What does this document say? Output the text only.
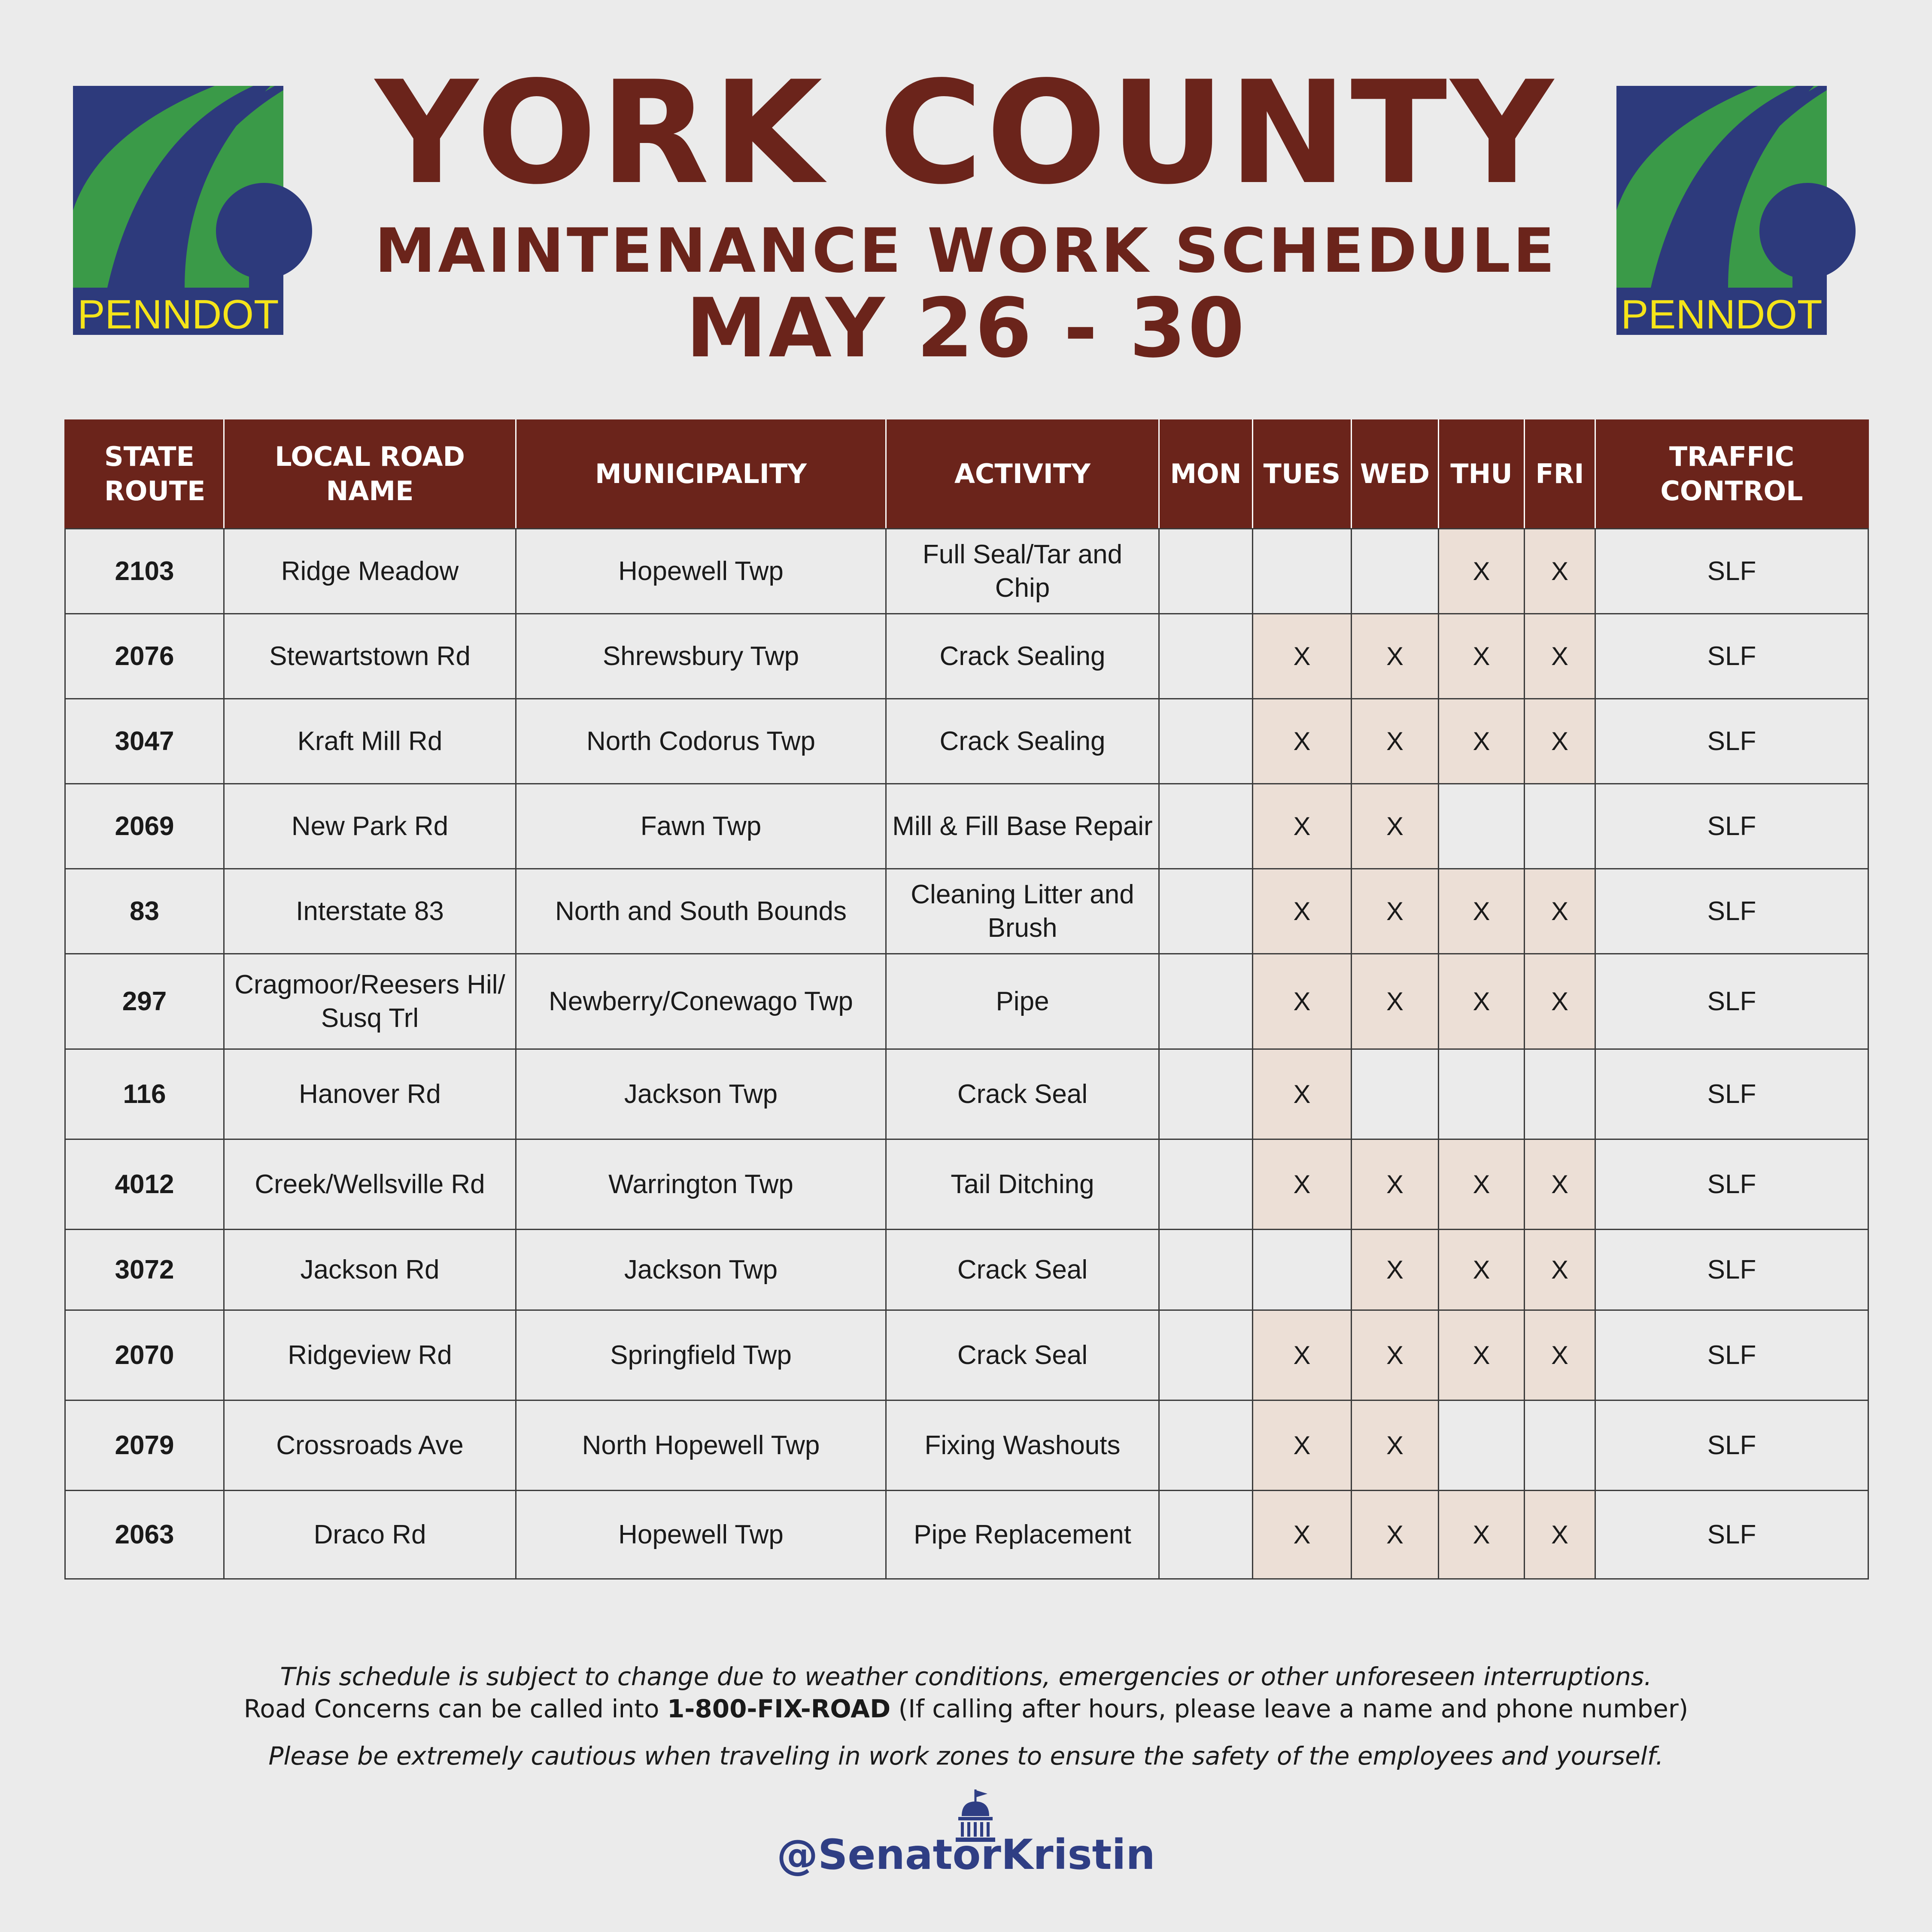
PENNDOT	PENNDOT
YORK COUNTY
MAINTENANCE WORK SCHEDULE
MAY 26 - 30
STATE ROUTE	LOCAL ROAD NAME	MUNICIPALITY	ACTIVITY	MON	TUES	WED	THU	FRI	TRAFFIC CONTROL
2103	Ridge Meadow	Hopewell Twp	Full Seal/Tar and Chip				X	X	SLF
2076	Stewartstown Rd	Shrewsbury Twp	Crack Sealing		X	X	X	X	SLF
3047	Kraft Mill Rd	North Codorus Twp	Crack Sealing		X	X	X	X	SLF
2069	New Park Rd	Fawn Twp	Mill & Fill Base Repair		X	X			SLF
83	Interstate 83	North and South Bounds	Cleaning Litter and Brush		X	X	X	X	SLF
297	Cragmoor/Reesers Hil/ Susq Trl	Newberry/Conewago Twp	Pipe		X	X	X	X	SLF
116	Hanover Rd	Jackson Twp	Crack Seal		X				SLF
4012	Creek/Wellsville Rd	Warrington Twp	Tail Ditching		X	X	X	X	SLF
3072	Jackson Rd	Jackson Twp	Crack Seal			X	X	X	SLF
2070	Ridgeview Rd	Springfield Twp	Crack Seal		X	X	X	X	SLF
2079	Crossroads Ave	North Hopewell Twp	Fixing Washouts		X	X			SLF
2063	Draco Rd	Hopewell Twp	Pipe Replacement		X	X	X	X	SLF

This schedule is subject to change due to weather conditions, emergencies or other unforeseen interruptions.

Road Concerns can be called into 1-800-FIX-ROAD (If calling after hours, please leave a name and phone number)

Please be extremely cautious when traveling in work zones to ensure the safety of the employees and yourself.

@SenatorKristin
